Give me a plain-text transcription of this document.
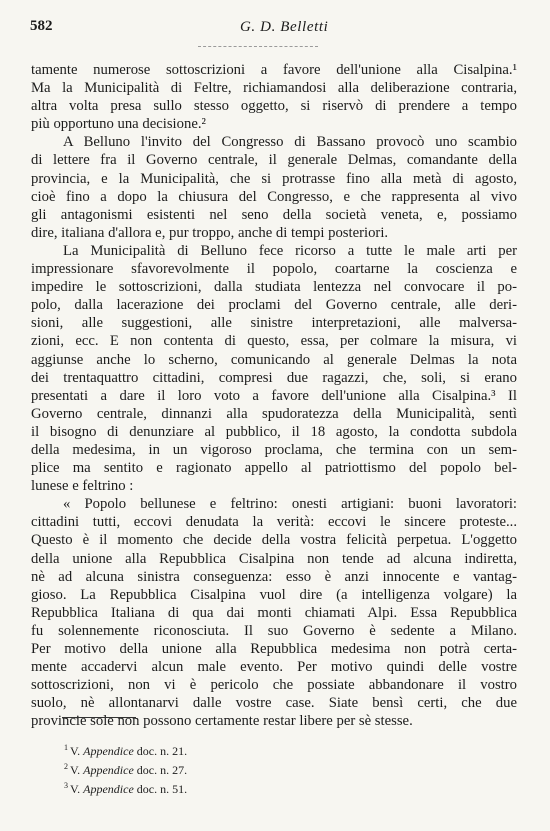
582	G. D. Belletti

tamente numerose sottoscrizioni a favore dell'unione alla Cisalpina.¹

Ma la Municipalità di Feltre, richiamandosi alla deliberazione contraria,

altra volta presa sullo stesso oggetto, si riservò di prendere a tempo

più opportuno una decisione.²

A Belluno l'invito del Congresso di Bassano provocò uno scambio

di lettere fra il Governo centrale, il generale Delmas, comandante della

provincia, e la Municipalità, che si protrasse fino alla metà di agosto,

cioè fino a dopo la chiusura del Congresso, e che rappresenta al vivo

gli antagonismi esistenti nel seno della società veneta, e, possiamo

dire, italiana d'allora e, pur troppo, anche di tempi posteriori.

La Municipalità di Belluno fece ricorso a tutte le male arti per

impressionare sfavorevolmente il popolo, coartarne la coscienza e

impedire le sottoscrizioni, dalla studiata lentezza nel convocare il po-

polo, dalla lacerazione dei proclami del Governo centrale, alle deri-

sioni, alle suggestioni, alle sinistre interpretazioni, alle malversa-

zioni, ecc. E non contenta di questo, essa, per colmare la misura, vi

aggiunse anche lo scherno, comunicando al generale Delmas la nota

dei trentaquattro cittadini, compresi due ragazzi, che, soli, si erano

presentati a dare il loro voto a favore dell'unione alla Cisalpina.³ Il

Governo centrale, dinnanzi alla spudoratezza della Municipalità, sentì

il bisogno di denunziare al pubblico, il 18 agosto, la condotta subdola

della medesima, in un vigoroso proclama, che termina con un sem-

plice ma sentito e ragionato appello al patriottismo del popolo bel-

lunese e feltrino :

« Popolo bellunese e feltrino: onesti artigiani: buoni lavoratori:

cittadini tutti, eccovi denudata la verità: eccovi le sincere proteste...

Questo è il momento che decide della vostra felicità perpetua. L'oggetto

della unione alla Repubblica Cisalpina non tende ad alcuna indiretta,

nè ad alcuna sinistra conseguenza: esso è anzi innocente e vantag-

gioso. La Repubblica Cisalpina vuol dire (a intelligenza volgare) la

Repubblica Italiana di qua dai monti chiamati Alpi. Essa Repubblica

fu solennemente riconosciuta. Il suo Governo è sedente a Milano.

Per motivo della unione alla Repubblica medesima non potrà certa-

mente accadervi alcun male evento. Per motivo quindi delle vostre

sottoscrizioni, non vi è pericolo che possiate abbandonare il vostro

suolo, nè allontanarvi dalle vostre case. Siate bensì certi, che due

provincie sole non possono certamente restar libere per sè stesse.

$^1$ V. Appendice doc. n. 21.
$^2$ V. Appendice doc. n. 27.
$^3$ V. Appendice doc. n. 51.
